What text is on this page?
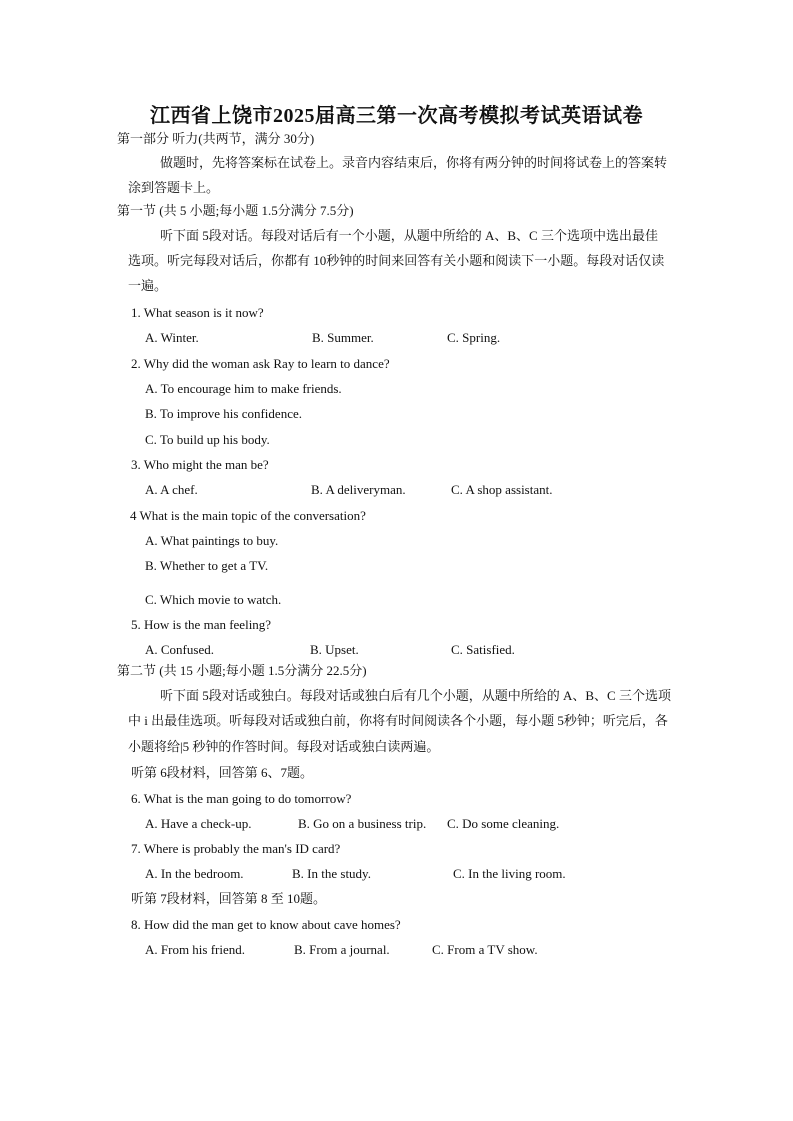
江西省上饶市2025届高三第一次高考模拟考试英语试卷
第一部分 听力(共两节，满分 30分)
做题时，先将答案标在试卷上。录音内容结束后，你将有两分钟的时间将试卷上的答案转
涂到答题卡上。
第一节 (共 5 小题;每小题 1.5分满分 7.5分)
听下面 5段对话。每段对话后有一个小题，从题中所给的 A、B、C 三个选项中选出最佳
选项。听完每段对话后，你都有 10秒钟的时间来回答有关小题和阅读下一小题。每段对话仅读
一遍。
1. What season is it now?
A. Winter.	B. Summer.	C. Spring.
2. Why did the woman ask Ray to learn to dance?
A. To encourage him to make friends.
B. To improve his confidence.
C. To build up his body.
3. Who might the man be?
A. A chef.	B. A deliveryman.	C. A shop assistant.
4 What is the main topic of the conversation?
A. What paintings to buy.
B. Whether to get a TV.
C. Which movie to watch.
5. How is the man feeling?
A. Confused.	B. Upset.	C. Satisfied.
第二节 (共 15 小题;每小题 1.5分满分 22.5分)
听下面 5段对话或独白。每段对话或独白后有几个小题，从题中所给的 A、B、C 三个选项
中 i 出最佳选项。听每段对话或独白前，你将有时间阅读各个小题，每小题 5秒钟；听完后，各
小题将给|5 秒钟的作答时间。每段对话或独白读两遍。
听第 6段材料，回答第 6、7题。
6. What is the man going to do tomorrow?
A. Have a check-up.	B. Go on a business trip. C. Do some cleaning.
7. Where is probably the man's ID card?
A. In the bedroom.	B. In the study.	C. In the living room.
听第 7段材料，回答第 8 至 10题。
8. How did the man get to know about cave homes?
A. From his friend.	B. From a journal.	C. From a TV show.
